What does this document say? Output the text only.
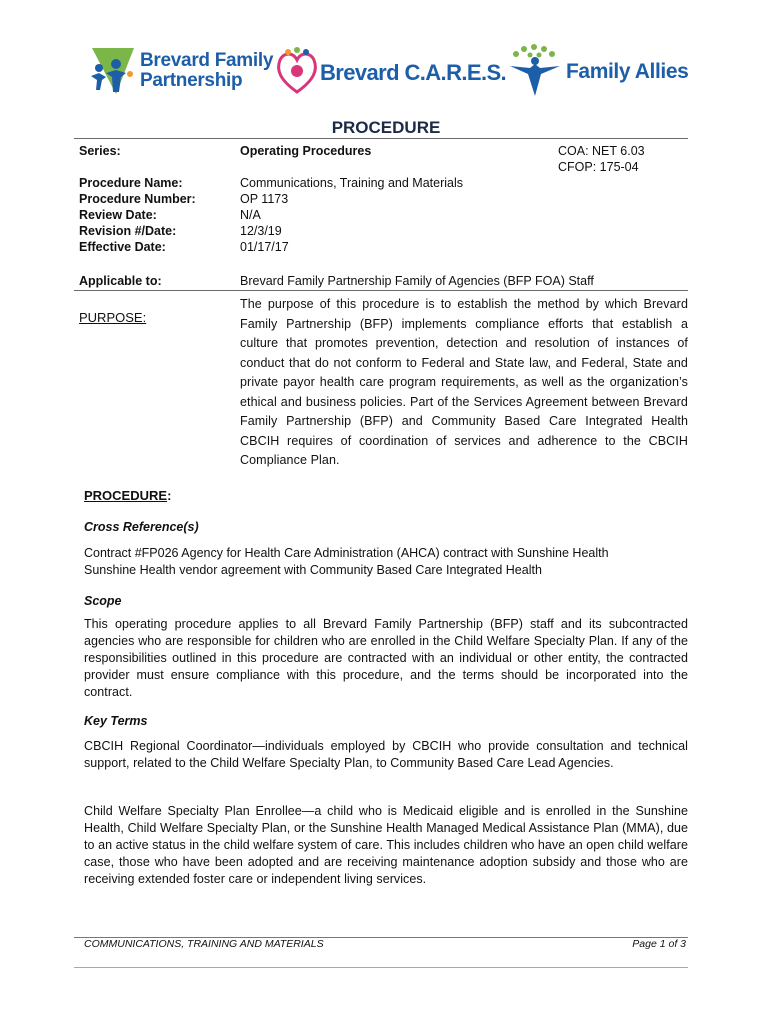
Brevard Family
Partnership	Brevard C.A.R.E.S.	Family Allies
PROCEDURE
Series:	Operating Procedures	COA: NET 6.03
CFOP: 175-04
Procedure Name:	Communications, Training and Materials
Procedure Number:	OP 1173
Review Date:	N/A
Revision #/Date:	12/3/19
Effective Date:	01/17/17
Applicable to:	Brevard Family Partnership Family of Agencies (BFP FOA) Staff
PURPOSE:
The purpose of this procedure is to establish the method by which Brevard Family Partnership (BFP) implements compliance efforts that establish a culture that promotes prevention, detection and resolution of instances of conduct that do not conform to Federal and State law, and Federal, State and private payor health care program requirements, as well as the organization’s ethical and business policies. Part of the Services Agreement between Brevard Family Partnership (BFP) and Community Based Care Integrated Health CBCIH requires of coordination of services and adherence to the CBCIH Compliance Plan.
PROCEDURE:
Cross Reference(s)
Contract #FP026 Agency for Health Care Administration (AHCA) contract with Sunshine Health
Sunshine Health vendor agreement with Community Based Care Integrated Health
Scope
This operating procedure applies to all Brevard Family Partnership (BFP) staff and its subcontracted agencies who are responsible for children who are enrolled in the Child Welfare Specialty Plan. If any of the responsibilities outlined in this procedure are contracted with an individual or other entity, the contracted provider must ensure compliance with this procedure, and the terms should be incorporated into the contract.
Key Terms
CBCIH Regional Coordinator—individuals employed by CBCIH who provide consultation and technical support, related to the Child Welfare Specialty Plan, to Community Based Care Lead Agencies.
Child Welfare Specialty Plan Enrollee—a child who is Medicaid eligible and is enrolled in the Sunshine Health, Child Welfare Specialty Plan, or the Sunshine Health Managed Medical Assistance Plan (MMA), due to an active status in the child welfare system of care. This includes children who have an open child welfare case, those who have been adopted and are receiving maintenance adoption subsidy and those who are receiving extended foster care or independent living services.
COMMUNICATIONS, TRAINING AND MATERIALS	Page 1 of 3
